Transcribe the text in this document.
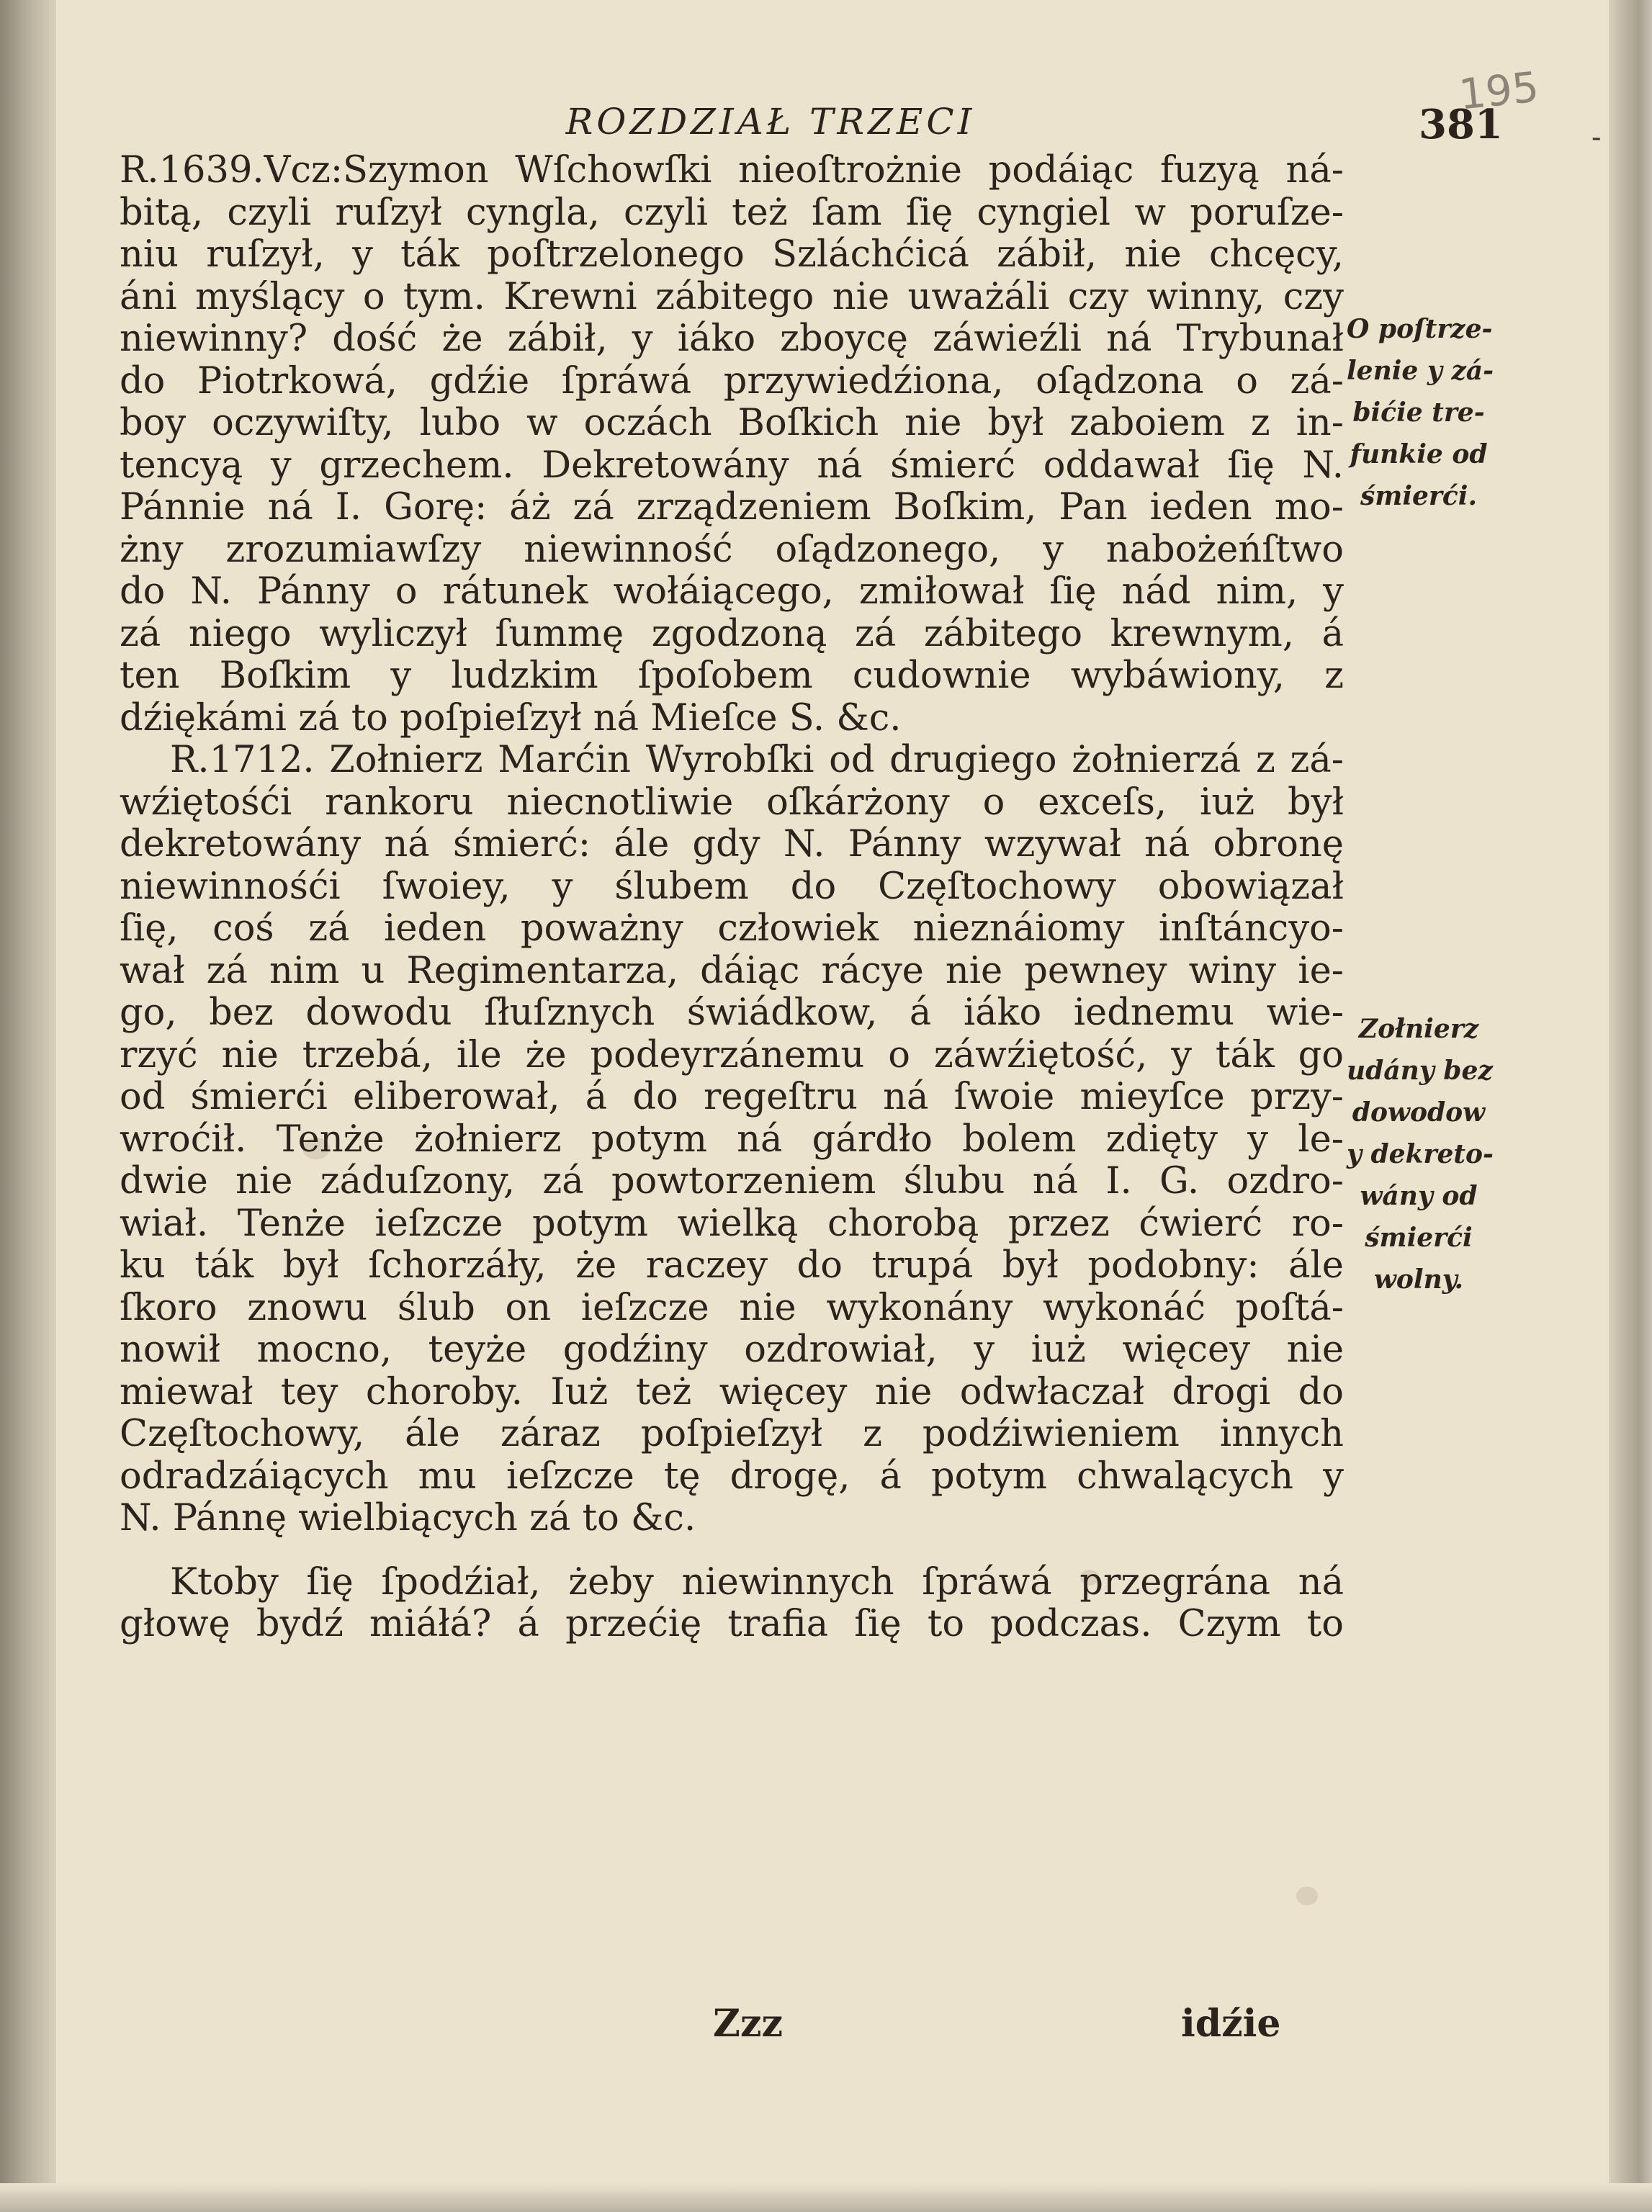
ROZDZIAŁ TRZECI
195
381	-
R.1639.Vcz:Szymon Wſchowſki nieoſtrożnie podáiąc fuzyą ná-
bitą, czyli ruſzył cyngla, czyli też ſam ſię cyngiel w poruſze-
niu ruſzył, y ták poſtrzelonego Szláchćicá zábił, nie chcęcy,
áni myślący o tym. Krewni zábitego nie uważáli czy winny, czy
niewinny? dość że zábił, y iáko zboycę záwieźli ná Trybunał
do Piotrkowá, gdźie ſpráwá przywiedźiona, oſądzona o zá-
boy oczywiſty, lubo w oczách Boſkich nie był zaboiem z in-
tencyą y grzechem. Dekretowány ná śmierć oddawał ſię N.
Pánnie ná I. Gorę: áż zá zrządzeniem Boſkim, Pan ieden mo-
żny zrozumiawſzy niewinność oſądzonego, y nabożeńſtwo
do N. Pánny o rátunek wołáiącego, zmiłował ſię nád nim, y
zá niego wyliczył ſummę zgodzoną zá zábitego krewnym, á
ten Boſkim y ludzkim ſpoſobem cudownie wybáwiony, z
dźiękámi zá to poſpieſzył ná Mieſce S. &c.
R.1712. Zołnierz Marćin Wyrobſki od drugiego żołnierzá z zá-
wźiętośći rankoru niecnotliwie oſkárżony o exceſs, iuż był
dekretowány ná śmierć: ále gdy N. Pánny wzywał ná obronę
niewinnośći ſwoiey, y ślubem do Częſtochowy obowiązał
ſię, coś zá ieden poważny człowiek nieznáiomy inſtáncyo-
wał zá nim u Regimentarza, dáiąc rácye nie pewney winy ie-
go, bez dowodu ſłuſznych świádkow, á iáko iednemu wie-
rzyć nie trzebá, ile że podeyrzánemu o záwźiętość, y ták go
od śmierći eliberował, á do regeſtru ná ſwoie mieyſce przy-
wroćił. Tenże żołnierz potym ná gárdło bolem zdięty y le-
dwie nie záduſzony, zá powtorzeniem ślubu ná I. G. ozdro-
wiał. Tenże ieſzcze potym wielką chorobą przez ćwierć ro-
ku ták był ſchorzáły, że raczey do trupá był podobny: ále
ſkoro znowu ślub on ieſzcze nie wykonány wykonáć poſtá-
nowił mocno, teyże godźiny ozdrowiał, y iuż więcey nie
miewał tey choroby. Iuż też więcey nie odwłaczał drogi do
Częſtochowy, ále záraz poſpieſzył z podźiwieniem innych
odradzáiących mu ieſzcze tę drogę, á potym chwalących y
N. Pánnę wielbiących zá to &c.
Ktoby ſię ſpodźiał, żeby niewinnych ſpráwá przegrána ná
głowę bydź miáłá? á przećię trafia ſię to podczas. Czym to
O poſtrze-
lenie y zá-
bićie tre-
funkie od
śmierći.
Zołnierz
udány bez
dowodow
y dekreto-
wány od
śmierći
wolny.
Zzz	idźie
